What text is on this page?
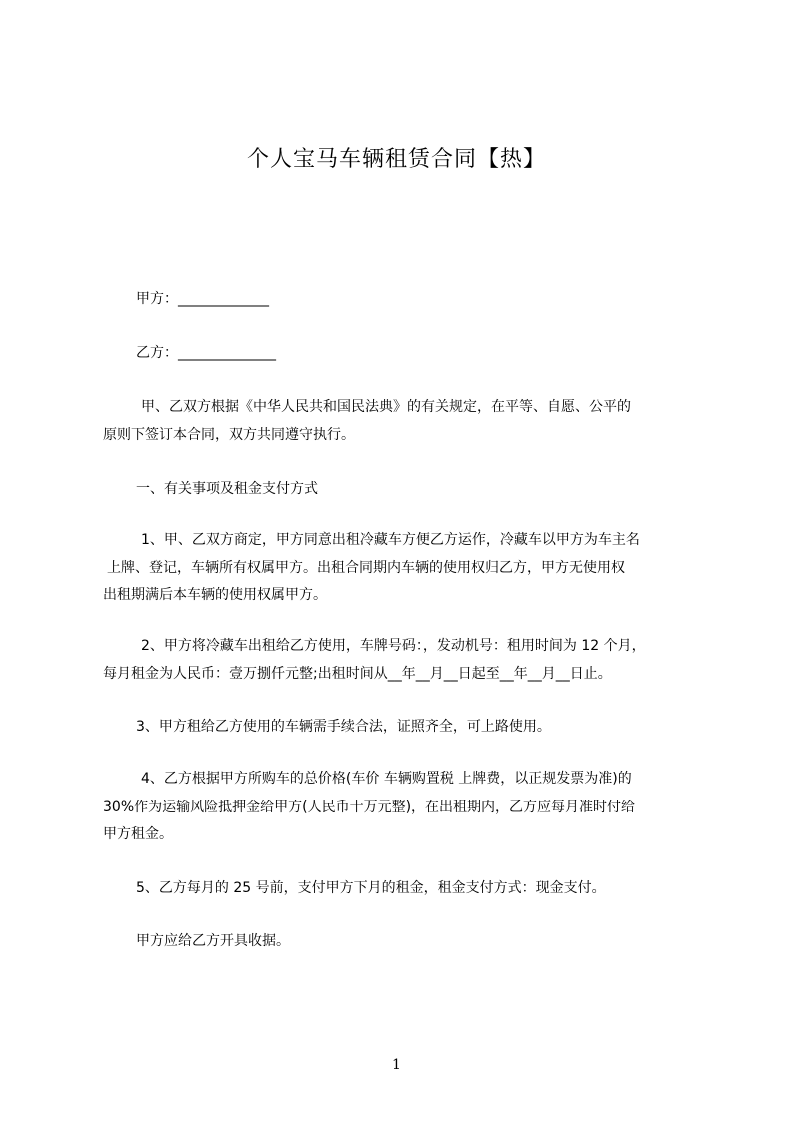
个人宝马车辆租赁合同【热】
甲方：_____________
乙方：______________
甲、乙双方根据《中华人民共和国民法典》的有关规定，在平等、自愿、公平的
原则下签订本合同，双方共同遵守执行。
一、有关事项及租金支付方式
1、甲、乙双方商定，甲方同意出租冷藏车方便乙方运作，冷藏车以甲方为车主名
上牌、登记，车辆所有权属甲方。出租合同期内车辆的使用权归乙方，甲方无使用权
出租期满后本车辆的使用权属甲方。
2、甲方将冷藏车出租给乙方使用，车牌号码：，发动机号：租用时间为 12 个月，
每月租金为人民币：壹万捌仟元整;出租时间从__年__月__日起至__年__月__日止。
3、甲方租给乙方使用的车辆需手续合法，证照齐全，可上路使用。
4、乙方根据甲方所购车的总价格(车价 车辆购置税 上牌费，以正规发票为准)的
30%作为运输风险抵押金给甲方(人民币十万元整)，在出租期内，乙方应每月准时付给
甲方租金。
5、乙方每月的 25 号前，支付甲方下月的租金，租金支付方式：现金支付。
甲方应给乙方开具收据。
1
